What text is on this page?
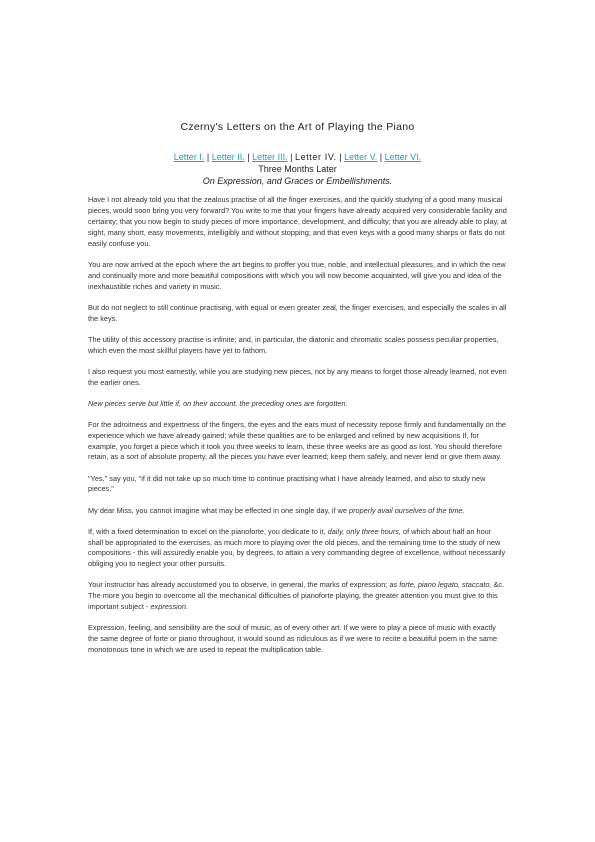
Czerny's Letters on the Art of Playing the Piano
Letter I. | Letter II. | Letter III. | Letter IV. | Letter V. | Letter VI.
Three Months Later
On Expression, and Graces or Embellishments.

Have I not already told you that the zealous practise of all the finger exercises, and the quickly studying of a good many musical pieces, would soon bring you very forward? You write to me that your fingers have already acquired very considerable facility and certainty; that you now begin to study pieces of more importance, development, and difficulty; that you are already able to play, at sight, many short, easy movements, intelligibly and without stopping; and that even keys with a good many sharps or flats do not easily confuse you.

You are now arrived at the epoch where the art begins to proffer you true, noble, and intellectual pleasures, and in which the new and continually more and more beautiful compositions with which you will now become acquainted, will give you and idea of the inexhaustible riches and variety in music.

But do not neglect to still continue practising, with equal or even greater zeal, the finger exercises, and especially the scales in all the keys.

The utility of this accessory practise is infinite; and, in particular, the diatonic and chromatic scales possess peculiar properties, which even the most skillful players have yet to fathom.

I also request you most earnestly, while you are studying new pieces, not by any means to forget those already learned, not even the earlier ones.

New pieces serve but little if, on their account, the preceding ones are forgotten.

For the adroitness and expertness of the fingers, the eyes and the ears must of necessity repose firmly and fundamentally on the experience which we have already gained; while these qualities are to be enlarged and refined by new acquisitions If, for example, you forget a piece which it took you three weeks to learn, these three weeks are as good as lost. You should therefore retain, as a sort of absolute property, all the pieces you have ever learned; keep them safely, and never lend or give them away.

"Yes," say you, "if it did not take up so much time to continue practising what I have already learned, and also to study new pieces."

My dear Miss, you cannot imagine what may be effected in one single day, if we properly avail ourselves of the time.

If, with a fixed determination to excel on the pianoforte, you dedicate to it, daily, only three hours, of which about half an hour shall be appropriated to the exercises, as much more to playing over the old pieces, and the remaining time to the study of new compositions - this will assuredly enable you, by degrees, to attain a very commanding degree of excellence, without necessarily obliging you to neglect your other pursuits.

Your instructor has already accustomed you to observe, in general, the marks of expression; as forte, piano legato, staccato, &c. The more you begin to overcome all the mechanical difficulties of pianoforte playing, the greater attention you must give to this important subject - expression.

Expression, feeling, and sensibility are the soul of music, as of every other art. If we were to play a piece of music with exactly the same degree of forte or piano throughout, it would sound as ridiculous as if we were to recite a beautiful poem in the same monotonous tone in which we are used to repeat the multiplication table.
